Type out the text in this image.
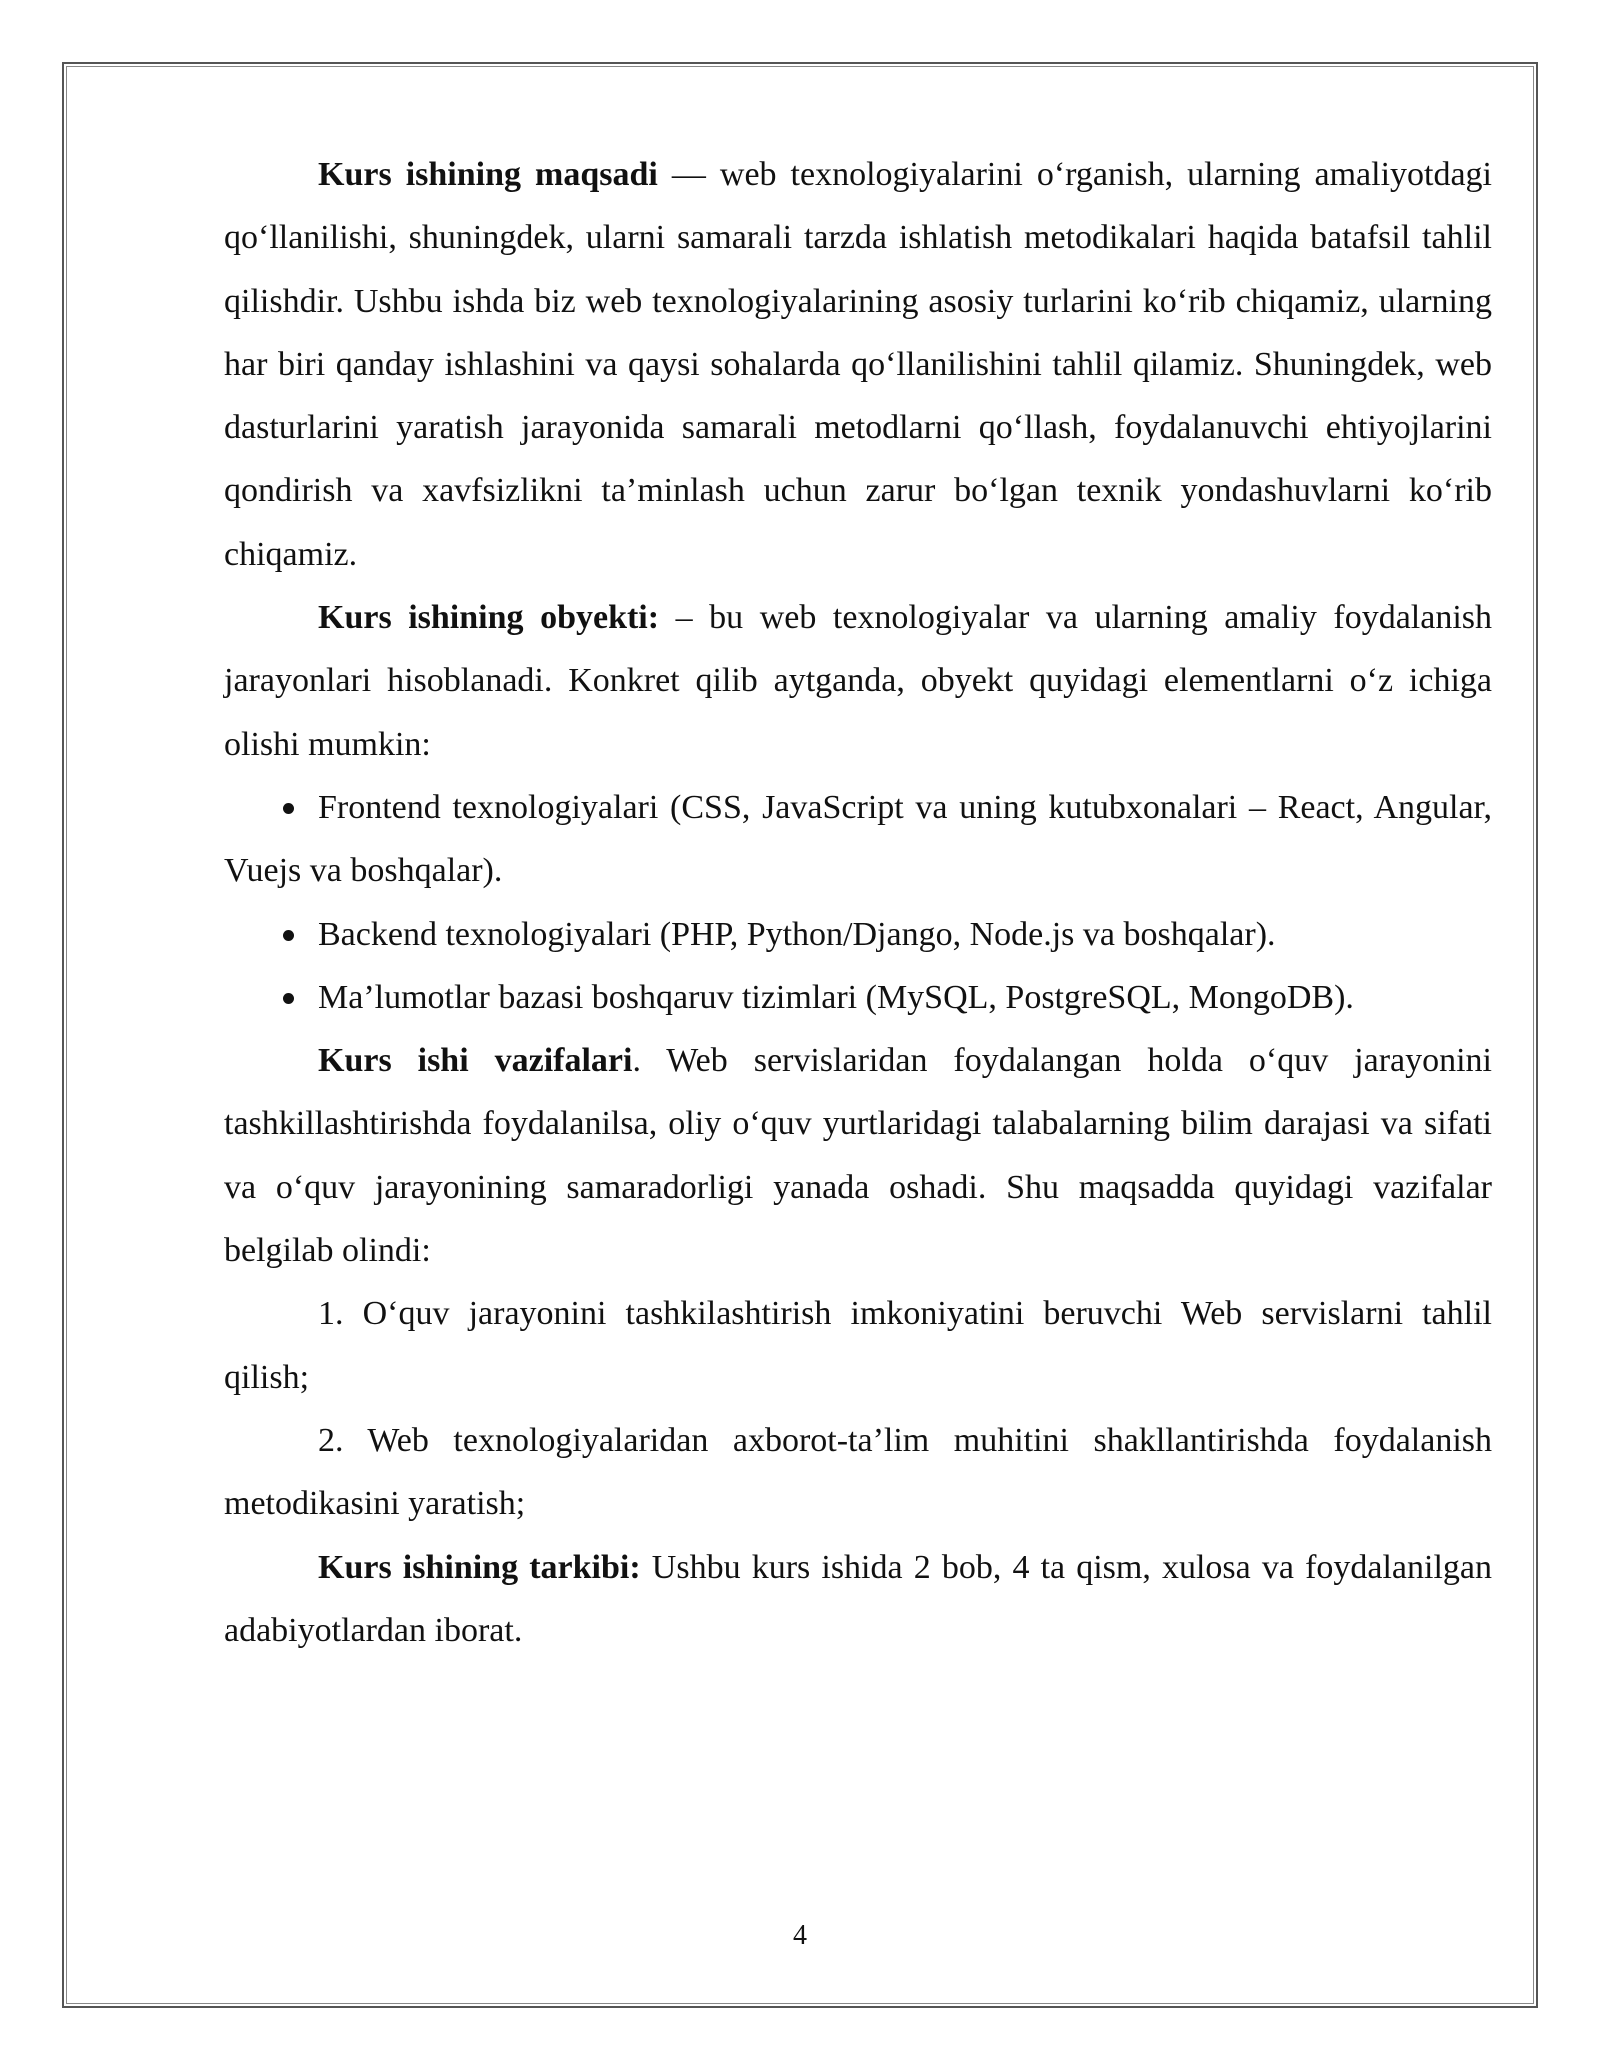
Kurs ishining maqsadi — web texnologiyalarini o‘rganish, ularning amaliyotdagi qo‘llanilishi, shuningdek, ularni samarali tarzda ishlatish metodikalari haqida batafsil tahlil qilishdir. Ushbu ishda biz web texnologiyalarining asosiy turlarini ko‘rib chiqamiz, ularning har biri qanday ishlashini va qaysi sohalarda qo‘llanilishini tahlil qilamiz. Shuningdek, web dasturlarini yaratish jarayonida samarali metodlarni qo‘llash, foydalanuvchi ehtiyojlarini qondirish va xavfsizlikni ta’minlash uchun zarur bo‘lgan texnik yondashuvlarni ko‘rib chiqamiz.

Kurs ishining obyekti: – bu web texnologiyalar va ularning amaliy foydalanish jarayonlari hisoblanadi. Konkret qilib aytganda, obyekt quyidagi elementlarni o‘z ichiga olishi mumkin:

Frontend texnologiyalari (CSS, JavaScript va uning kutubxonalari – React, Angular, Vuejs va boshqalar).

Backend texnologiyalari (PHP, Python/Django, Node.js va boshqalar).

Ma’lumotlar bazasi boshqaruv tizimlari (MySQL, PostgreSQL, MongoDB).

Kurs ishi vazifalari. Web servislaridan foydalangan holda o‘quv jarayonini tashkillashtirishda foydalanilsa, oliy o‘quv yurtlaridagi talabalarning bilim darajasi va sifati va o‘quv jarayonining samaradorligi yanada oshadi. Shu maqsadda quyidagi vazifalar belgilab olindi:

1. O‘quv jarayonini tashkilashtirish imkoniyatini beruvchi Web servislarni tahlil qilish;

2. Web texnologiyalaridan axborot-ta’lim muhitini shakllantirishda foydalanish metodikasini yaratish;

Kurs ishining tarkibi: Ushbu kurs ishida 2 bob, 4 ta qism, xulosa va foydalanilgan adabiyotlardan iborat.

4
